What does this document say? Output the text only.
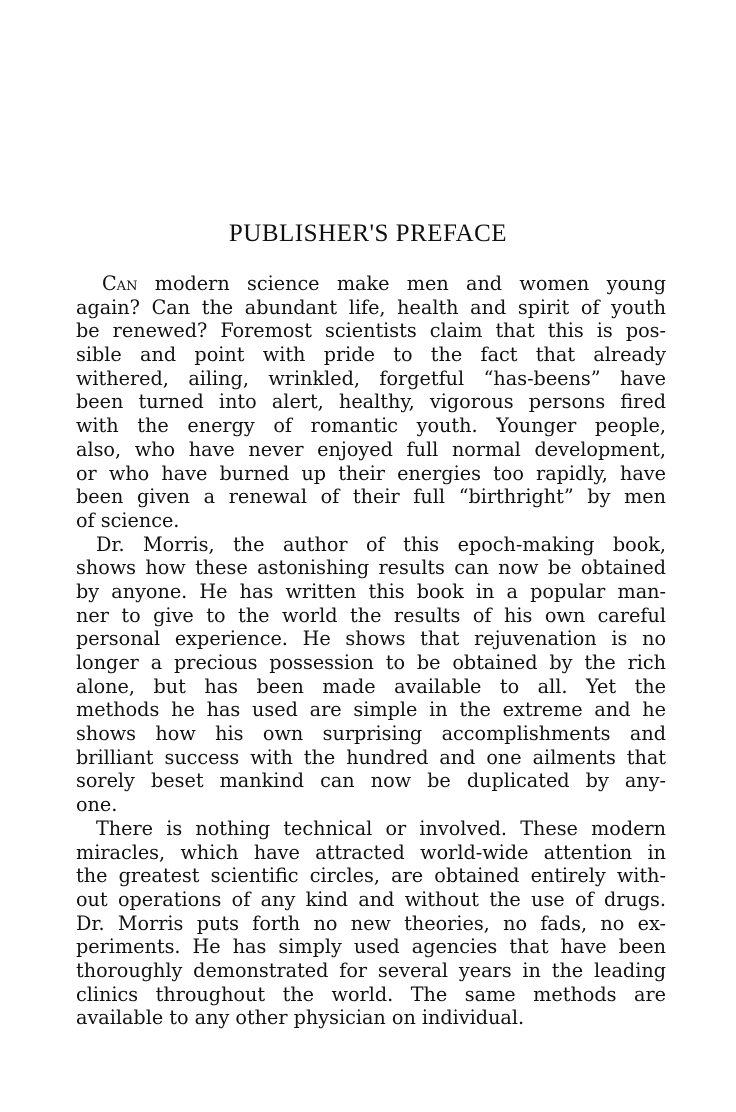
PUBLISHER'S PREFACE

Can modern science make men and women young
again? Can the abundant life, health and spirit of youth
be renewed? Foremost scientists claim that this is pos-
sible and point with pride to the fact that already
withered, ailing, wrinkled, forgetful “has-beens” have
been turned into alert, healthy, vigorous persons fired
with the energy of romantic youth. Younger people,
also, who have never enjoyed full normal development,
or who have burned up their energies too rapidly, have
been given a renewal of their full “birthright” by men
of science.

Dr. Morris, the author of this epoch-making book,
shows how these astonishing results can now be obtained
by anyone. He has written this book in a popular man-
ner to give to the world the results of his own careful
personal experience. He shows that rejuvenation is no
longer a precious possession to be obtained by the rich
alone, but has been made available to all. Yet the
methods he has used are simple in the extreme and he
shows how his own surprising accomplishments and
brilliant success with the hundred and one ailments that
sorely beset mankind can now be duplicated by any-
one.

There is nothing technical or involved. These modern
miracles, which have attracted world-wide attention in
the greatest scientific circles, are obtained entirely with-
out operations of any kind and without the use of drugs.
Dr. Morris puts forth no new theories, no fads, no ex-
periments. He has simply used agencies that have been
thoroughly demonstrated for several years in the leading
clinics throughout the world. The same methods are
available to any other physician on individual.
